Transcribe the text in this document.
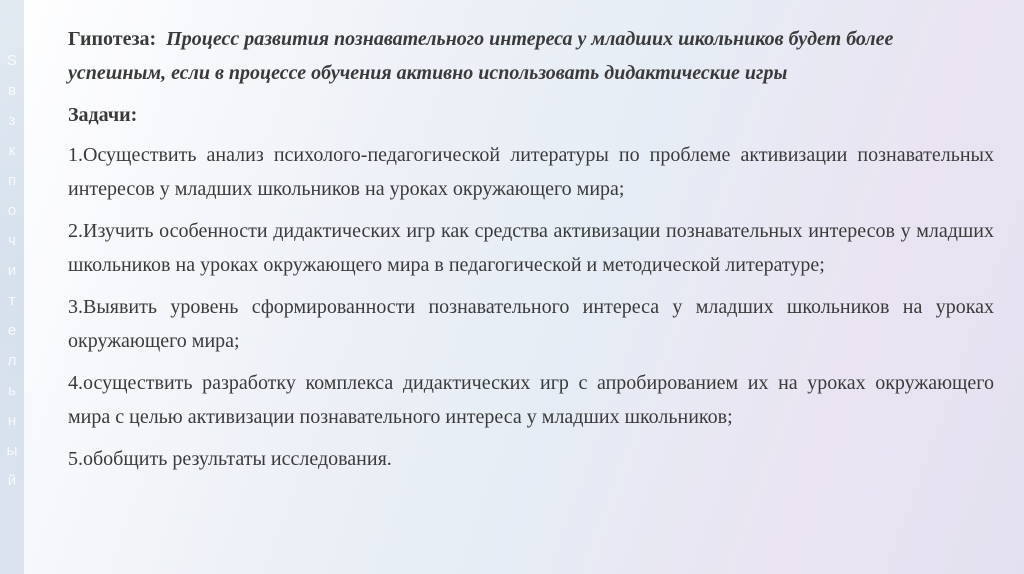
S
в
з
к
п
о
ч
и
т
е
л
ь
н
ы
й

Гипотеза: Процесс развития познавательного интереса у младших школьников будет более успешным, если в процессе обучения активно использовать дидактические игры

Задачи:

1.Осуществить анализ психолого-педагогической литературы по проблеме активизации познавательных интересов у младших школьников на уроках окружающего мира;

2.Изучить особенности дидактических игр как средства активизации познавательных интересов у младших школьников на уроках окружающего мира в педагогической и методической литературе;

3.Выявить уровень сформированности познавательного интереса у младших школьников на уроках окружающего мира;

4.осуществить разработку комплекса дидактических игр с апробированием их на уроках окружающего мира с целью активизации познавательного интереса у младших школьников;

5.обобщить результаты исследования.
